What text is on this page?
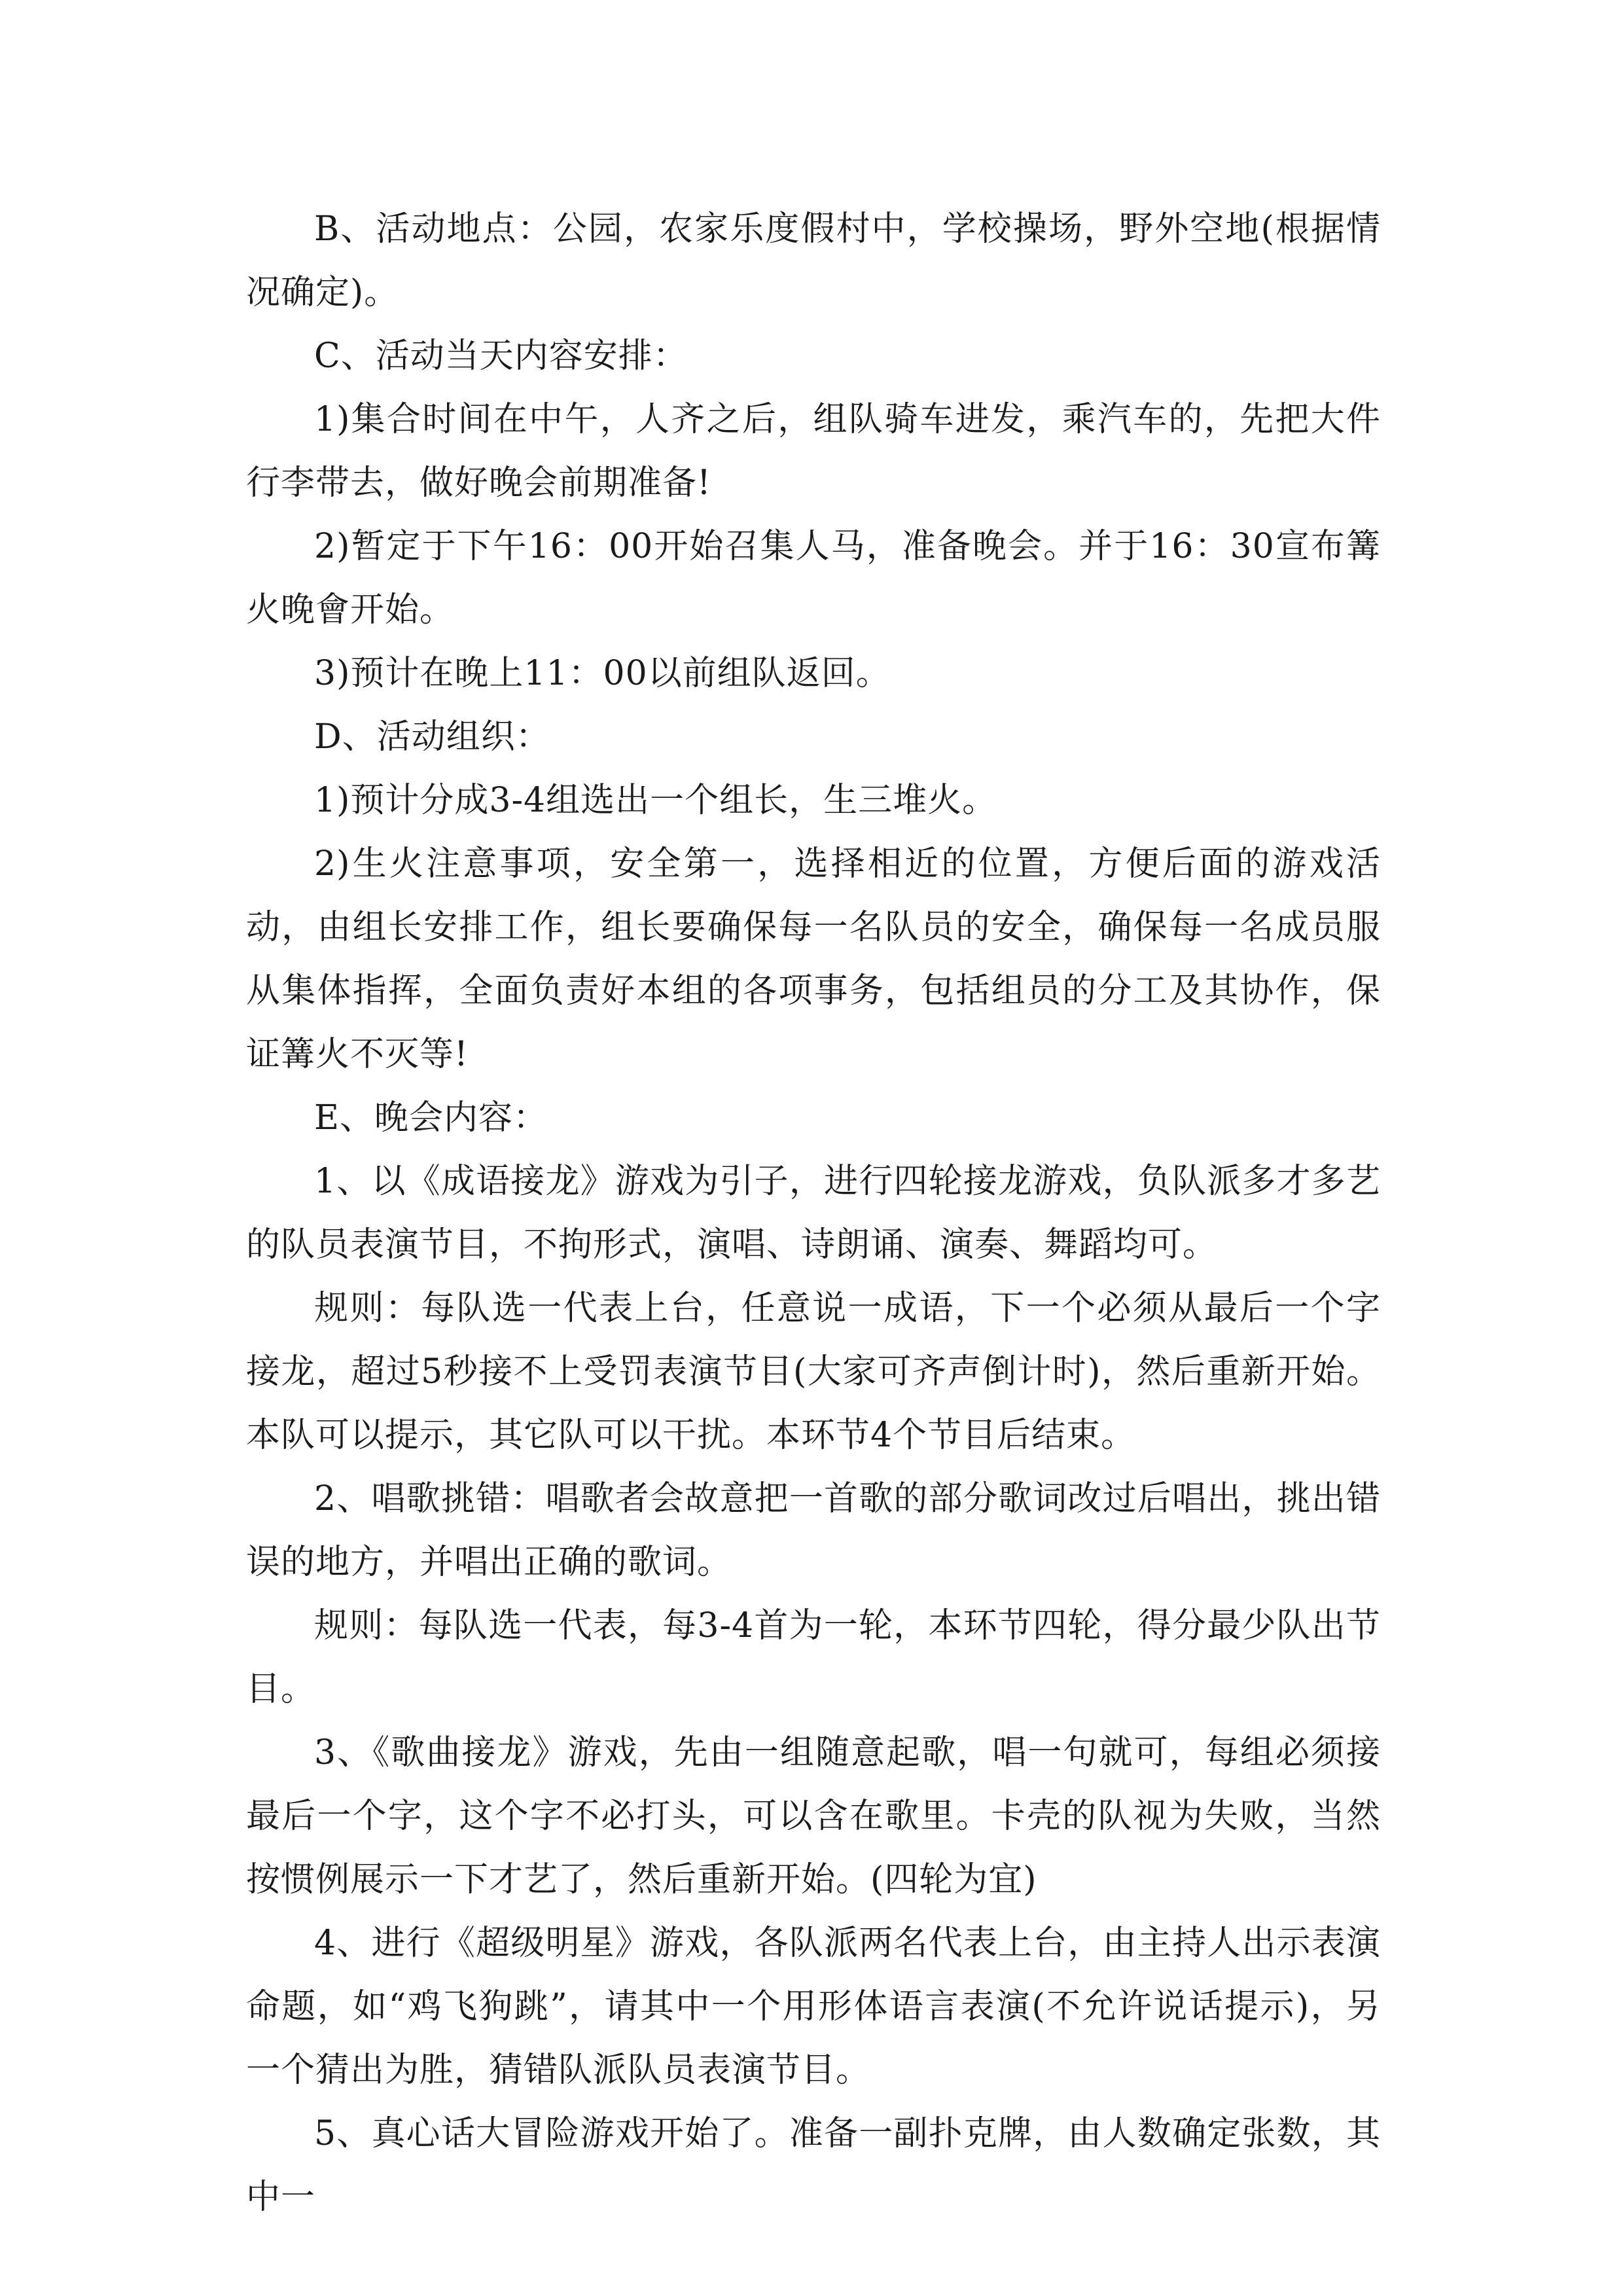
B、活动地点：公园，农家乐度假村中，学校操场，野外空地(根据情况确定)。

C、活动当天内容安排：

1)集合时间在中午，人齐之后，组队骑车进发，乘汽车的，先把大件行李带去，做好晚会前期准备!

2)暂定于下午16：00开始召集人马，准备晚会。并于16：30宣布篝火晚會开始。

3)预计在晚上11：00以前组队返回。

D、活动组织：

1)预计分成3-4组选出一个组长，生三堆火。

2)生火注意事项，安全第一，选择相近的位置，方便后面的游戏活动，由组长安排工作，组长要确保每一名队员的安全，确保每一名成员服从集体指挥，全面负责好本组的各项事务，包括组员的分工及其协作，保证篝火不灭等!

E、晚会内容：

1、以《成语接龙》游戏为引子，进行四轮接龙游戏，负队派多才多艺的队员表演节目，不拘形式，演唱、诗朗诵、演奏、舞蹈均可。

规则：每队选一代表上台，任意说一成语，下一个必须从最后一个字接龙，超过5秒接不上受罚表演节目(大家可齐声倒计时)，然后重新开始。本队可以提示，其它队可以干扰。本环节4个节目后结束。

2、唱歌挑错：唱歌者会故意把一首歌的部分歌词改过后唱出，挑出错误的地方，并唱出正确的歌词。

规则：每队选一代表，每3-4首为一轮，本环节四轮，得分最少队出节目。

3、《歌曲接龙》游戏，先由一组随意起歌，唱一句就可，每组必须接最后一个字，这个字不必打头，可以含在歌里。卡壳的队视为失败，当然按惯例展示一下才艺了，然后重新开始。(四轮为宜)

4、进行《超级明星》游戏，各队派两名代表上台，由主持人出示表演命题，如“鸡飞狗跳”，请其中一个用形体语言表演(不允许说话提示)，另一个猜出为胜，猜错队派队员表演节目。

5、真心话大冒险游戏开始了。准备一副扑克牌，由人数确定张数，其中一
